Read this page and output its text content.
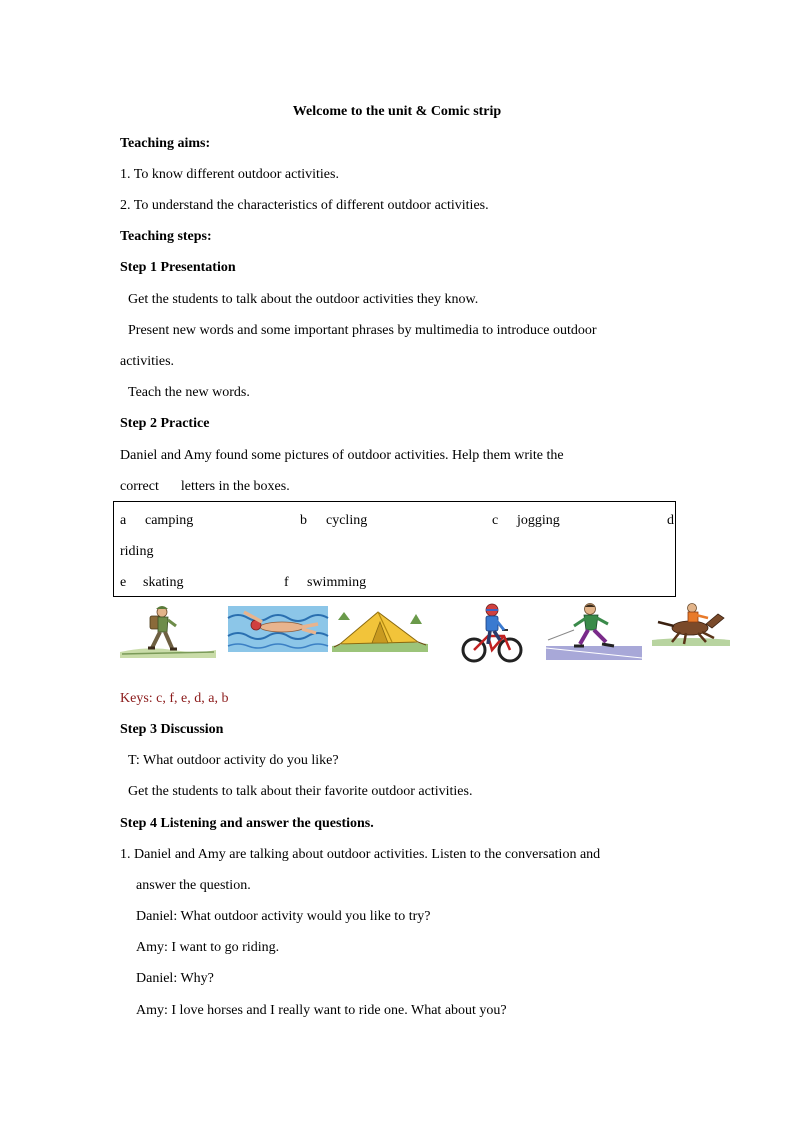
Welcome to the unit & Comic strip
Teaching aims:
1. To know different outdoor activities.
2. To understand the characteristics of different outdoor activities.
Teaching steps:
Step 1 Presentation
Get the students to talk about the outdoor activities they know.
Present new words and some important phrases by multimedia to introduce outdoor
activities.
Teach the new words.
Step 2 Practice
Daniel and Amy found some pictures of outdoor activities. Help them write the
correct letters in the boxes.
a camping	b cycling	c jogging	d
riding
e skating	f swimming
Keys: c, f, e, d, a, b
Step 3 Discussion
T: What outdoor activity do you like?
Get the students to talk about their favorite outdoor activities.
Step 4 Listening and answer the questions.
1. Daniel and Amy are talking about outdoor activities. Listen to the conversation and
answer the question.
Daniel: What outdoor activity would you like to try?
Amy: I want to go riding.
Daniel: Why?
Amy: I love horses and I really want to ride one. What about you?
